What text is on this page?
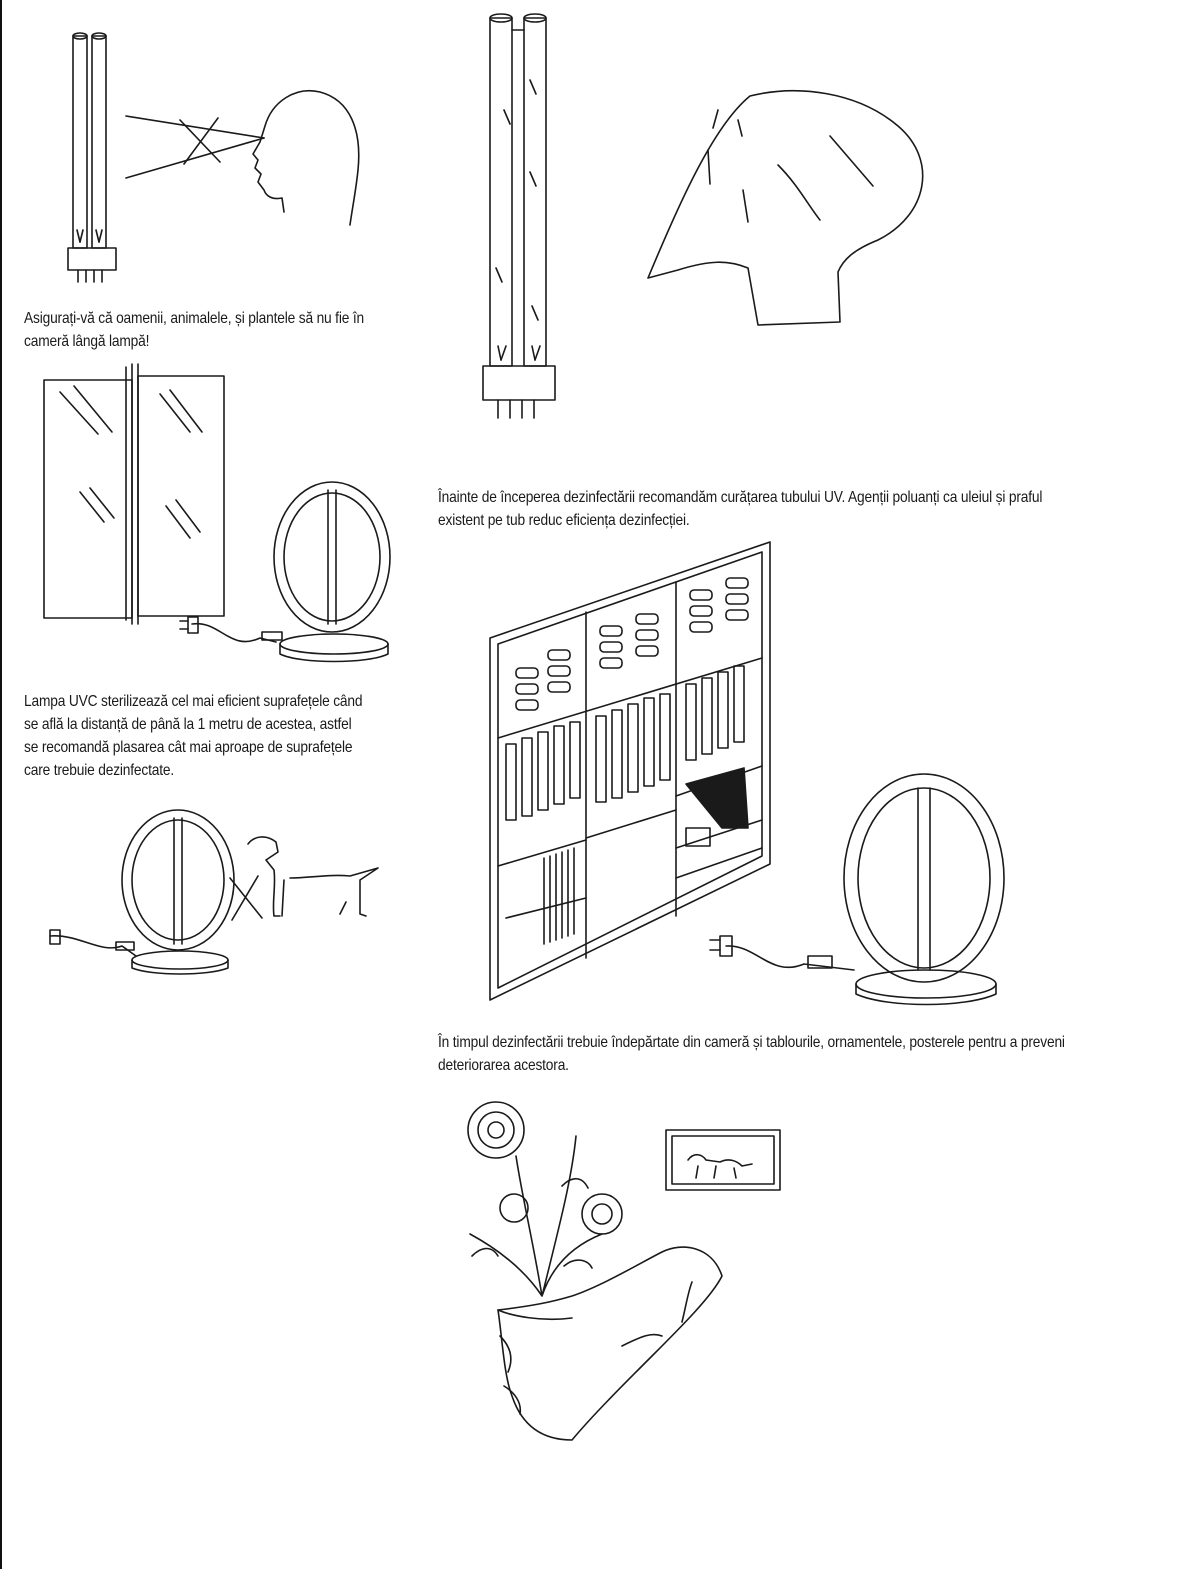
Asigurați-vă că oamenii, animalele, și plantele să nu fie în
cameră lângă lampă!

Înainte de începerea dezinfectării recomandăm curățarea tubului UV. Agenții poluanți ca uleiul și praful
existent pe tub reduc eficiența dezinfecției.

Lampa UVC sterilizează cel mai eficient suprafețele când
se află la distanță de până la 1 metru de acestea, astfel
se recomandă plasarea cât mai aproape de suprafețele
care trebuie dezinfectate.

În timpul dezinfectării trebuie îndepărtate din cameră și tablourile, ornamentele, posterele pentru a preveni
deteriorarea acestora.
